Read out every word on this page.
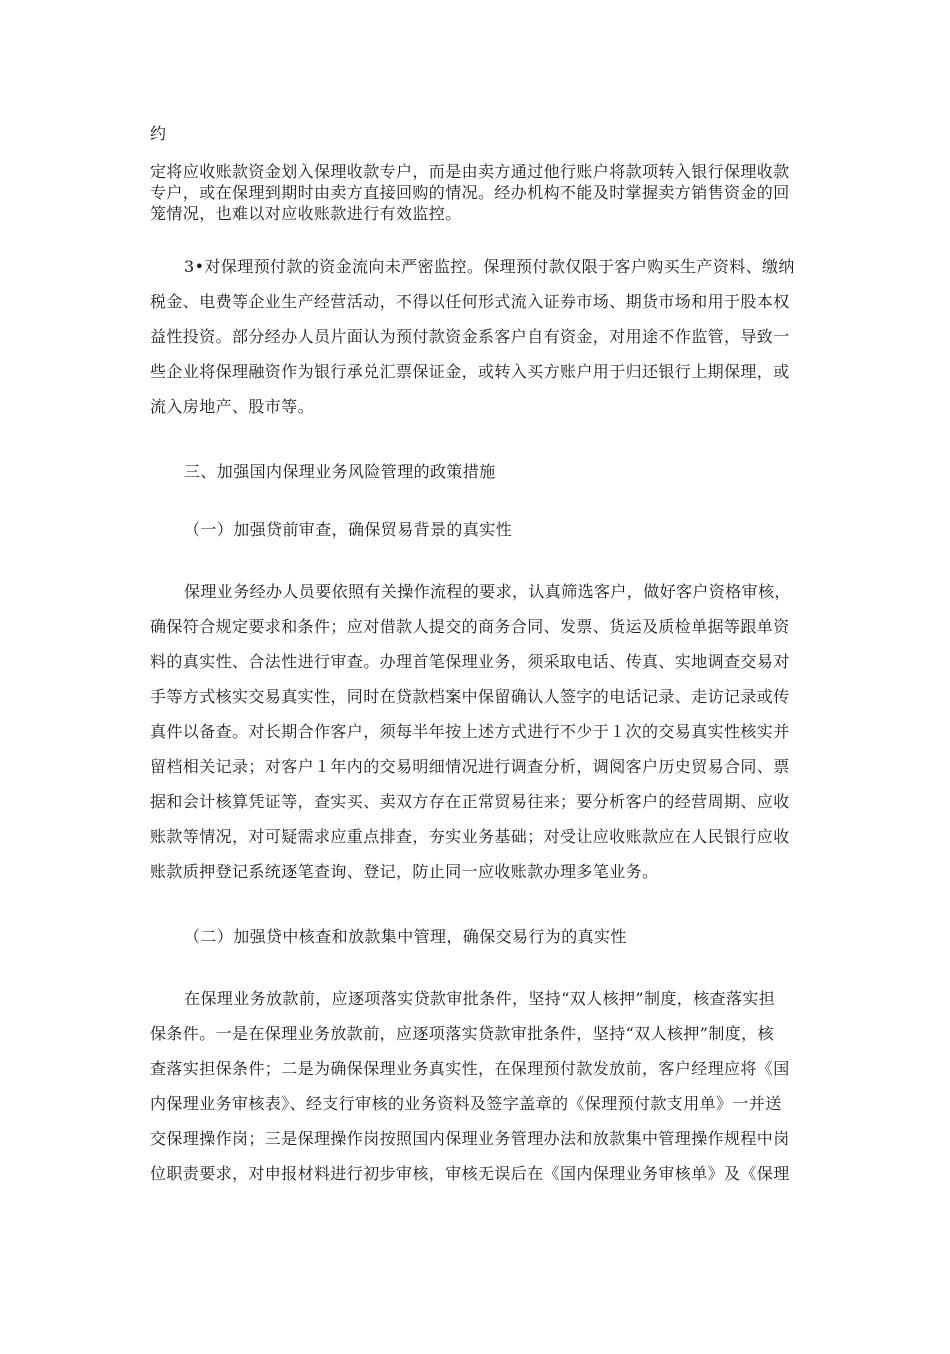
约
定将应收账款资金划入保理收款专户，而是由卖方通过他行账户将款项转入银行保理收款
专户，或在保理到期时由卖方直接回购的情况。经办机构不能及时掌握卖方销售资金的回
笼情况，也难以对应收账款进行有效监控。
3•对保理预付款的资金流向未严密监控。保理预付款仅限于客户购买生产资料、缴纳
税金、电费等企业生产经营活动，不得以任何形式流入证券市场、期货市场和用于股本权
益性投资。部分经办人员片面认为预付款资金系客户自有资金，对用途不作监管，导致一
些企业将保理融资作为银行承兑汇票保证金，或转入买方账户用于归还银行上期保理，或
流入房地产、股市等。
三、加强国内保理业务风险管理的政策措施
（一）加强贷前审查，确保贸易背景的真实性
保理业务经办人员要依照有关操作流程的要求，认真筛选客户，做好客户资格审核，
确保符合规定要求和条件；应对借款人提交的商务合同、发票、货运及质检单据等跟单资
料的真实性、合法性进行审查。办理首笔保理业务，须采取电话、传真、实地调查交易对
手等方式核实交易真实性，同时在贷款档案中保留确认人签字的电话记录、走访记录或传
真件以备查。对长期合作客户，须每半年按上述方式进行不少于１次的交易真实性核实并
留档相关记录；对客户１年内的交易明细情况进行调查分析，调阅客户历史贸易合同、票
据和会计核算凭证等，查实买、卖双方存在正常贸易往来；要分析客户的经营周期、应收
账款等情况，对可疑需求应重点排查，夯实业务基础；对受让应收账款应在人民银行应收
账款质押登记系统逐笔查询、登记，防止同一应收账款办理多笔业务。
（二）加强贷中核查和放款集中管理，确保交易行为的真实性
在保理业务放款前，应逐项落实贷款审批条件，坚持“双人核押”制度，核查落实担
保条件。一是在保理业务放款前，应逐项落实贷款审批条件，坚持“双人核押”制度，核
查落实担保条件；二是为确保保理业务真实性，在保理预付款发放前，客户经理应将《国
内保理业务审核表》、经支行审核的业务资料及签字盖章的《保理预付款支用单》一并送
交保理操作岗；三是保理操作岗按照国内保理业务管理办法和放款集中管理操作规程中岗
位职责要求，对申报材料进行初步审核，审核无误后在《国内保理业务审核单》及《保理
